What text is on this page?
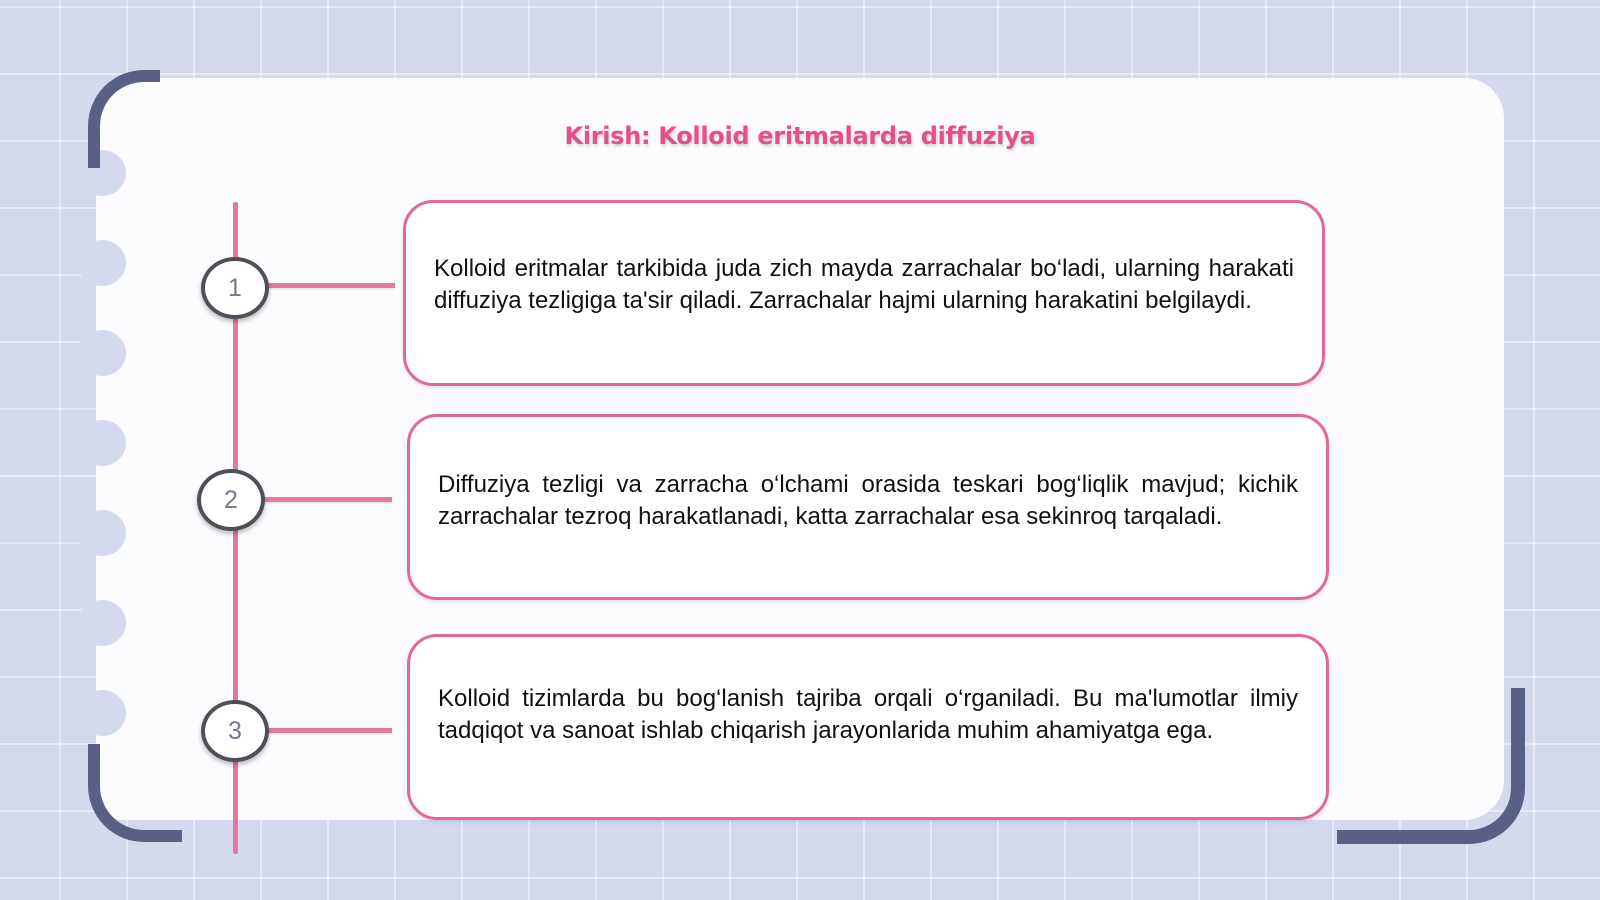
Kirish: Kolloid eritmalarda diffuziya
1
2
3

Kolloid eritmalar tarkibida juda zich mayda zarrachalar bo‘ladi, ularning harakati diffuziya tezligiga ta'sir qiladi. Zarrachalar hajmi ularning harakatini belgilaydi.

Diffuziya tezligi va zarracha o‘lchami orasida teskari bog‘liqlik mavjud; kichik zarrachalar tezroq harakatlanadi, katta zarrachalar esa sekinroq tarqaladi.

Kolloid tizimlarda bu bog‘lanish tajriba orqali o‘rganiladi. Bu ma'lumotlar ilmiy tadqiqot va sanoat ishlab chiqarish jarayonlarida muhim ahamiyatga ega.
